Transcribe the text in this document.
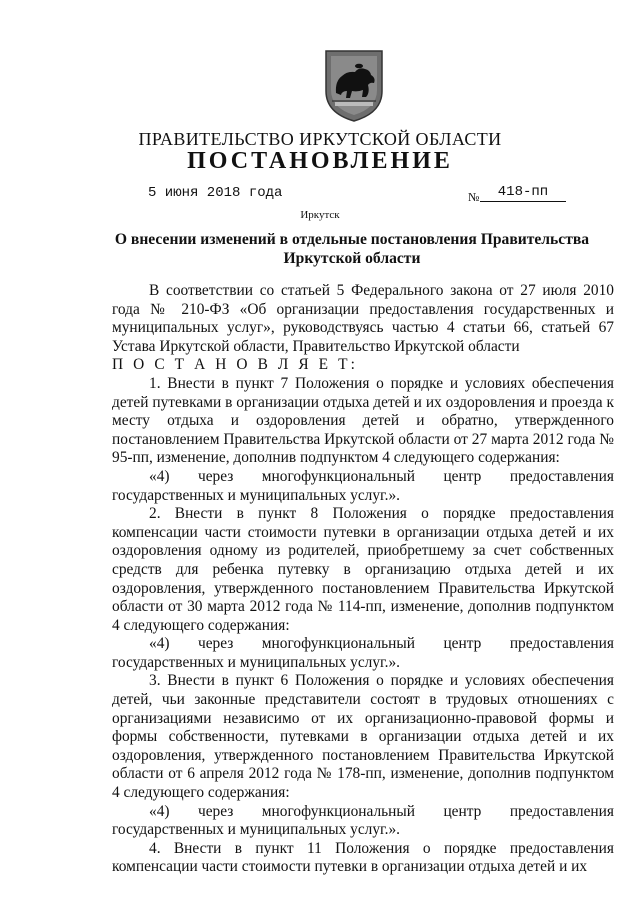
ПРАВИТЕЛЬСТВО ИРКУТСКОЙ ОБЛАСТИ
ПОСТАНОВЛЕНИЕ
5 июня 2018 года	№	418-пп
Иркутск
О внесении изменений в отдельные постановления Правительства
Иркутской области

В соответствии со статьей 5 Федерального закона от 27 июля 2010 года № 210-ФЗ «Об организации предоставления государственных и муниципальных услуг», руководствуясь частью 4 статьи 66, статьей 67 Устава Иркутской области, Правительство Иркутской области

П О С Т А Н О В Л Я Е Т:

1. Внести в пункт 7 Положения о порядке и условиях обеспечения детей путевками в организации отдыха детей и их оздоровления и проезда к месту отдыха и оздоровления детей и обратно, утвержденного постановлением Правительства Иркутской области от 27 марта 2012 года № 95-пп, изменение, дополнив подпунктом 4 следующего содержания:

«4) через многофункциональный центр предоставления государственных и муниципальных услуг.».

2. Внести в пункт 8 Положения о порядке предоставления компенсации части стоимости путевки в организации отдыха детей и их оздоровления одному из родителей, приобретшему за счет собственных средств для ребенка путевку в организацию отдыха детей и их оздоровления, утвержденного постановлением Правительства Иркутской области от 30 марта 2012 года № 114-пп, изменение, дополнив подпунктом 4 следующего содержания:

«4) через многофункциональный центр предоставления государственных и муниципальных услуг.».

3. Внести в пункт 6 Положения о порядке и условиях обеспечения детей, чьи законные представители состоят в трудовых отношениях с организациями независимо от их организационно-правовой формы и формы собственности, путевками в организации отдыха детей и их оздоровления, утвержденного постановлением Правительства Иркутской области от 6 апреля 2012 года № 178-пп, изменение, дополнив подпунктом 4 следующего содержания:

«4) через многофункциональный центр предоставления государственных и муниципальных услуг.».

4. Внести в пункт 11 Положения о порядке предоставления компенсации части стоимости путевки в организации отдыха детей и их
